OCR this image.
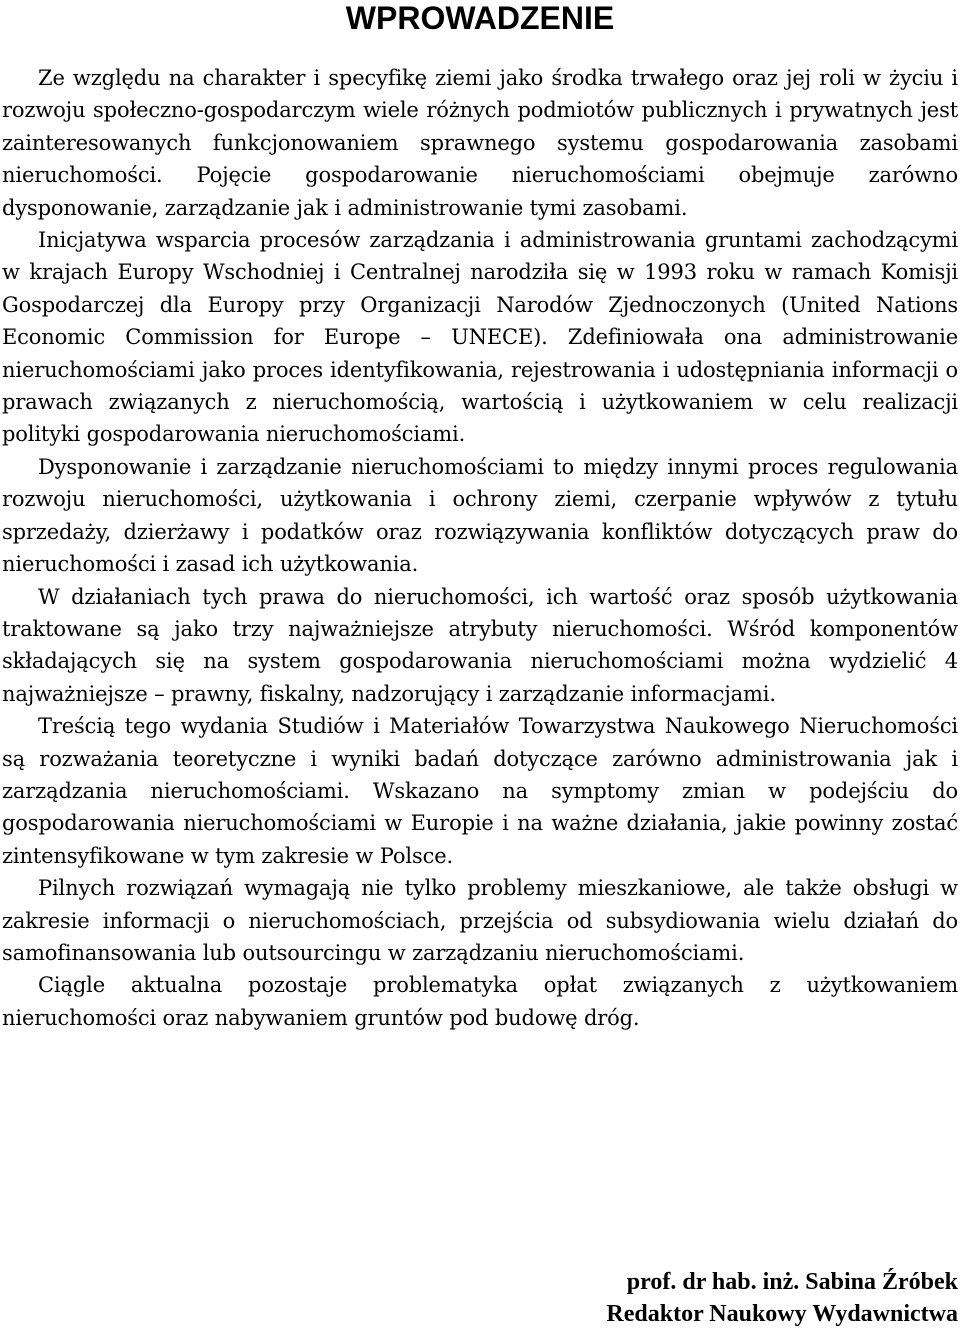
WPROWADZENIE

Ze względu na charakter i specyfikę ziemi jako środka trwałego oraz jej roli w życiu i rozwoju społeczno-gospodarczym wiele różnych podmiotów publicznych i prywatnych jest zainteresowanych funkcjonowaniem sprawnego systemu gospodarowania zasobami nieruchomości. Pojęcie gospodarowanie nieruchomościami obejmuje zarówno dysponowanie, zarządzanie jak i administrowanie tymi zasobami.

Inicjatywa wsparcia procesów zarządzania i administrowania gruntami zachodzącymi w krajach Europy Wschodniej i Centralnej narodziła się w 1993 roku w ramach Komisji Gospodarczej dla Europy przy Organizacji Narodów Zjednoczonych (United Nations Economic Commission for Europe – UNECE). Zdefiniowała ona administrowanie nieruchomościami jako proces identyfikowania, rejestrowania i udostępniania informacji o prawach związanych z nieruchomością, wartością i użytkowaniem w celu realizacji polityki gospodarowania nieruchomościami.

Dysponowanie i zarządzanie nieruchomościami to między innymi proces regulowania rozwoju nieruchomości, użytkowania i ochrony ziemi, czerpanie wpływów z tytułu sprzedaży, dzierżawy i podatków oraz rozwiązywania konfliktów dotyczących praw do nieruchomości i zasad ich użytkowania.

W działaniach tych prawa do nieruchomości, ich wartość oraz sposób użytkowania traktowane są jako trzy najważniejsze atrybuty nieruchomości. Wśród komponentów składających się na system gospodarowania nieruchomościami można wydzielić 4 najważniejsze – prawny, fiskalny, nadzorujący i zarządzanie informacjami.

Treścią tego wydania Studiów i Materiałów Towarzystwa Naukowego Nieruchomości są rozważania teoretyczne i wyniki badań dotyczące zarówno administrowania jak i zarządzania nieruchomościami. Wskazano na symptomy zmian w podejściu do gospodarowania nieruchomościami w Europie i na ważne działania, jakie powinny zostać zintensyfikowane w tym zakresie w Polsce.

Pilnych rozwiązań wymagają nie tylko problemy mieszkaniowe, ale także obsługi w zakresie informacji o nieruchomościach, przejścia od subsydiowania wielu działań do samofinansowania lub outsourcingu w zarządzaniu nieruchomościami.

Ciągle aktualna pozostaje problematyka opłat związanych z użytkowaniem nieruchomości oraz nabywaniem gruntów pod budowę dróg.

prof. dr hab. inż. Sabina Źróbek
Redaktor Naukowy Wydawnictwa
